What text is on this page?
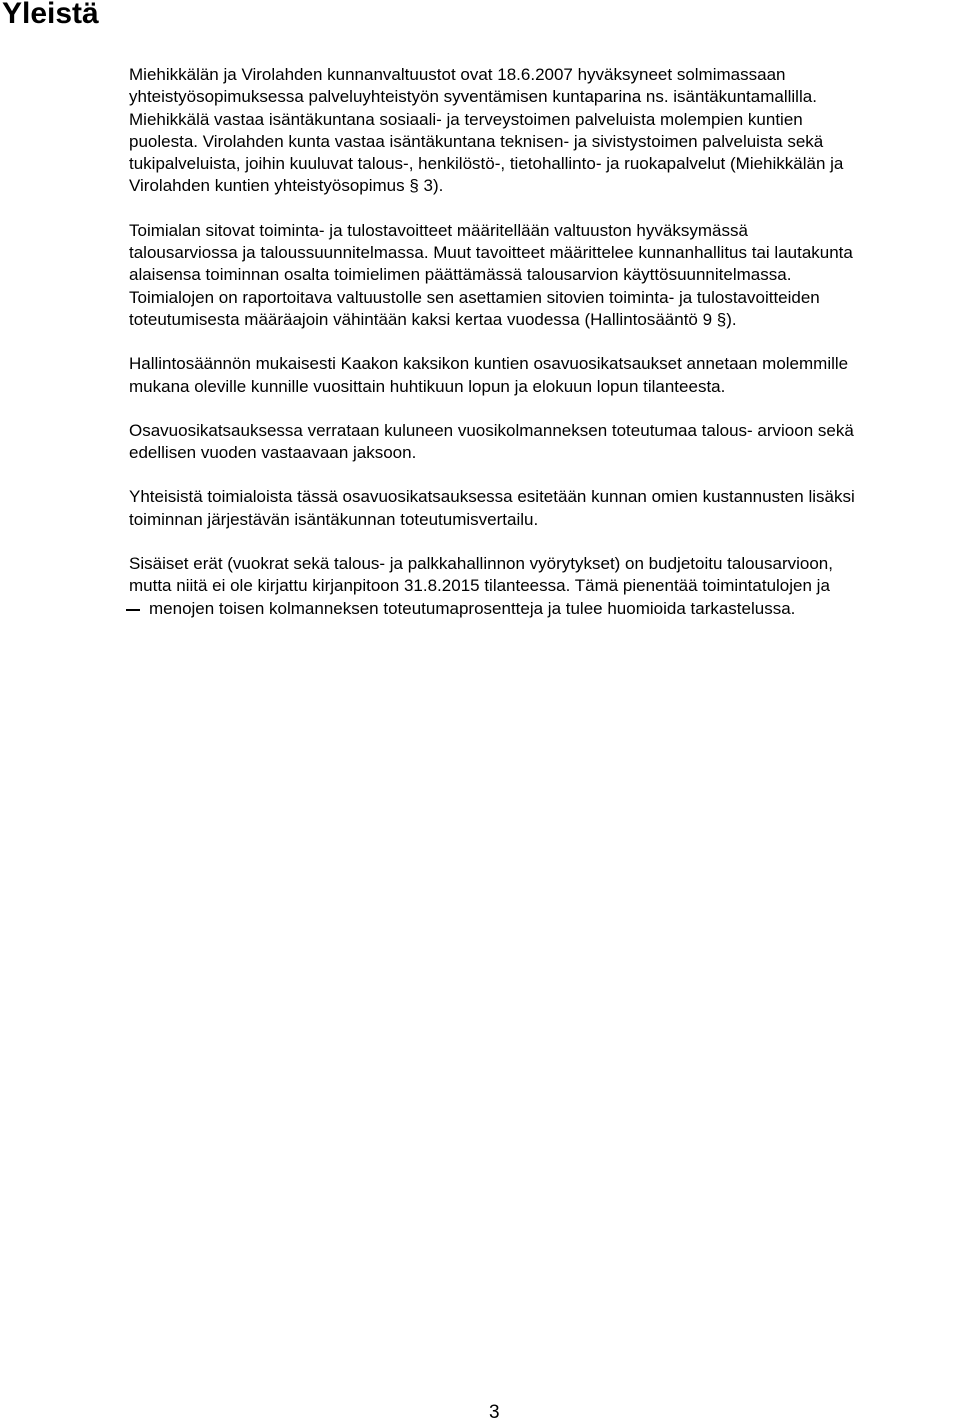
Yleistä

Miehikkälän ja Virolahden kunnanvaltuustot ovat 18.6.2007 hyväksyneet solmimassaan
yhteistyösopimuksessa palveluyhteistyön syventämisen kuntaparina ns. isäntäkuntamallilla.
Miehikkälä vastaa isäntäkuntana sosiaali- ja terveystoimen palveluista molempien kuntien
puolesta. Virolahden kunta vastaa isäntäkuntana teknisen- ja sivistystoimen palveluista sekä
tukipalveluista, joihin kuuluvat talous-, henkilöstö-, tietohallinto- ja ruokapalvelut (Miehikkälän ja
Virolahden kuntien yhteistyösopimus § 3).

Toimialan sitovat toiminta- ja tulostavoitteet määritellään valtuuston hyväksymässä
talousarviossa ja taloussuunnitelmassa. Muut tavoitteet määrittelee kunnanhallitus tai lautakunta
alaisensa toiminnan osalta toimielimen päättämässä talousarvion käyttösuunnitelmassa.
Toimialojen on raportoitava valtuustolle sen asettamien sitovien toiminta- ja tulostavoitteiden
toteutumisesta määräajoin vähintään kaksi kertaa vuodessa (Hallintosääntö 9 §).

Hallintosäännön mukaisesti Kaakon kaksikon kuntien osavuosikatsaukset annetaan molemmille
mukana oleville kunnille vuosittain huhtikuun lopun ja elokuun lopun tilanteesta.

Osavuosikatsauksessa verrataan kuluneen vuosikolmanneksen toteutumaa talous- arvioon sekä
edellisen vuoden vastaavaan jaksoon.

Yhteisistä toimialoista tässä osavuosikatsauksessa esitetään kunnan omien kustannusten lisäksi
toiminnan järjestävän isäntäkunnan toteutumisvertailu.

Sisäiset erät (vuokrat sekä talous- ja palkkahallinnon vyörytykset) on budjetoitu talousarvioon,
mutta niitä ei ole kirjattu kirjanpitoon 31.8.2015 tilanteessa. Tämä pienentää toimintatulojen ja
menojen toisen kolmanneksen toteutumaprosentteja ja tulee huomioida tarkastelussa.

3
